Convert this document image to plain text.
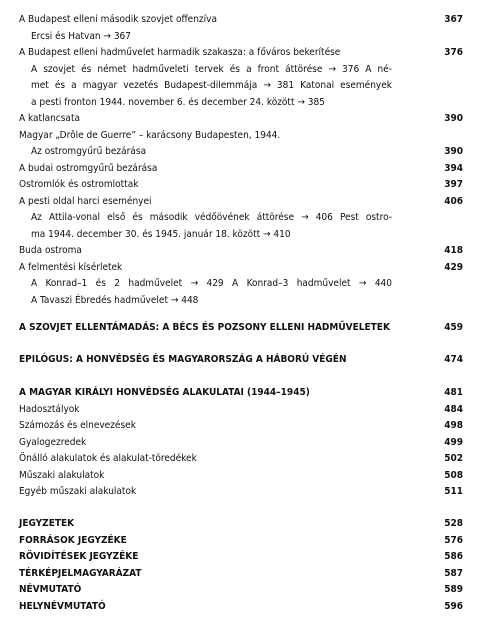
A Budapest elleni második szovjet offenzíva	367
Ercsi és Hatvan → 367
A Budapest elleni hadművelet harmadik szakasza: a főváros bekerítése	376
A szovjet és német hadműveleti tervek és a front áttörése → 376 A né-
met és a magyar vezetés Budapest-dilemmája → 381 Katonai események
a pesti fronton 1944. november 6. és december 24. között → 385
A katlancsata	390
Magyar „Drôle de Guerre” – karácsony Budapesten, 1944.
Az ostromgyűrű bezárása	390
A budai ostromgyűrű bezárása	394
Ostromlók és ostromlottak	397
A pesti oldal harci eseményei	406
Az Attila-vonal első és második védőövének áttörése → 406 Pest ostro-
ma 1944. december 30. és 1945. január 18. között → 410
Buda ostroma	418
A felmentési kísérletek	429
A Konrad–1 és 2 hadművelet → 429 A Konrad–3 hadművelet → 440
A Tavaszi Ébredés hadművelet → 448
A SZOVJET ELLENTÁMADÁS: A BÉCS ÉS POZSONY ELLENI HADMŰVELETEK	459
EPILÓGUS: A HONVÉDSÉG ÉS MAGYARORSZÁG A HÁBORÚ VÉGÉN	474
A MAGYAR KIRÁLYI HONVÉDSÉG ALAKULATAI (1944–1945)	481
Hadosztályok	484
Számozás és elnevezések	498
Gyalogezredek	499
Önálló alakulatok és alakulat-töredékek	502
Műszaki alakulatok	508
Egyéb műszaki alakulatok	511
JEGYZETEK	528
FORRÁSOK JEGYZÉKE	576
RÖVIDÍTÉSEK JEGYZÉKE	586
TÉRKÉPJELMAGYARÁZAT	587
NÉVMUTATÓ	589
HELYNÉVMUTATÓ	596
